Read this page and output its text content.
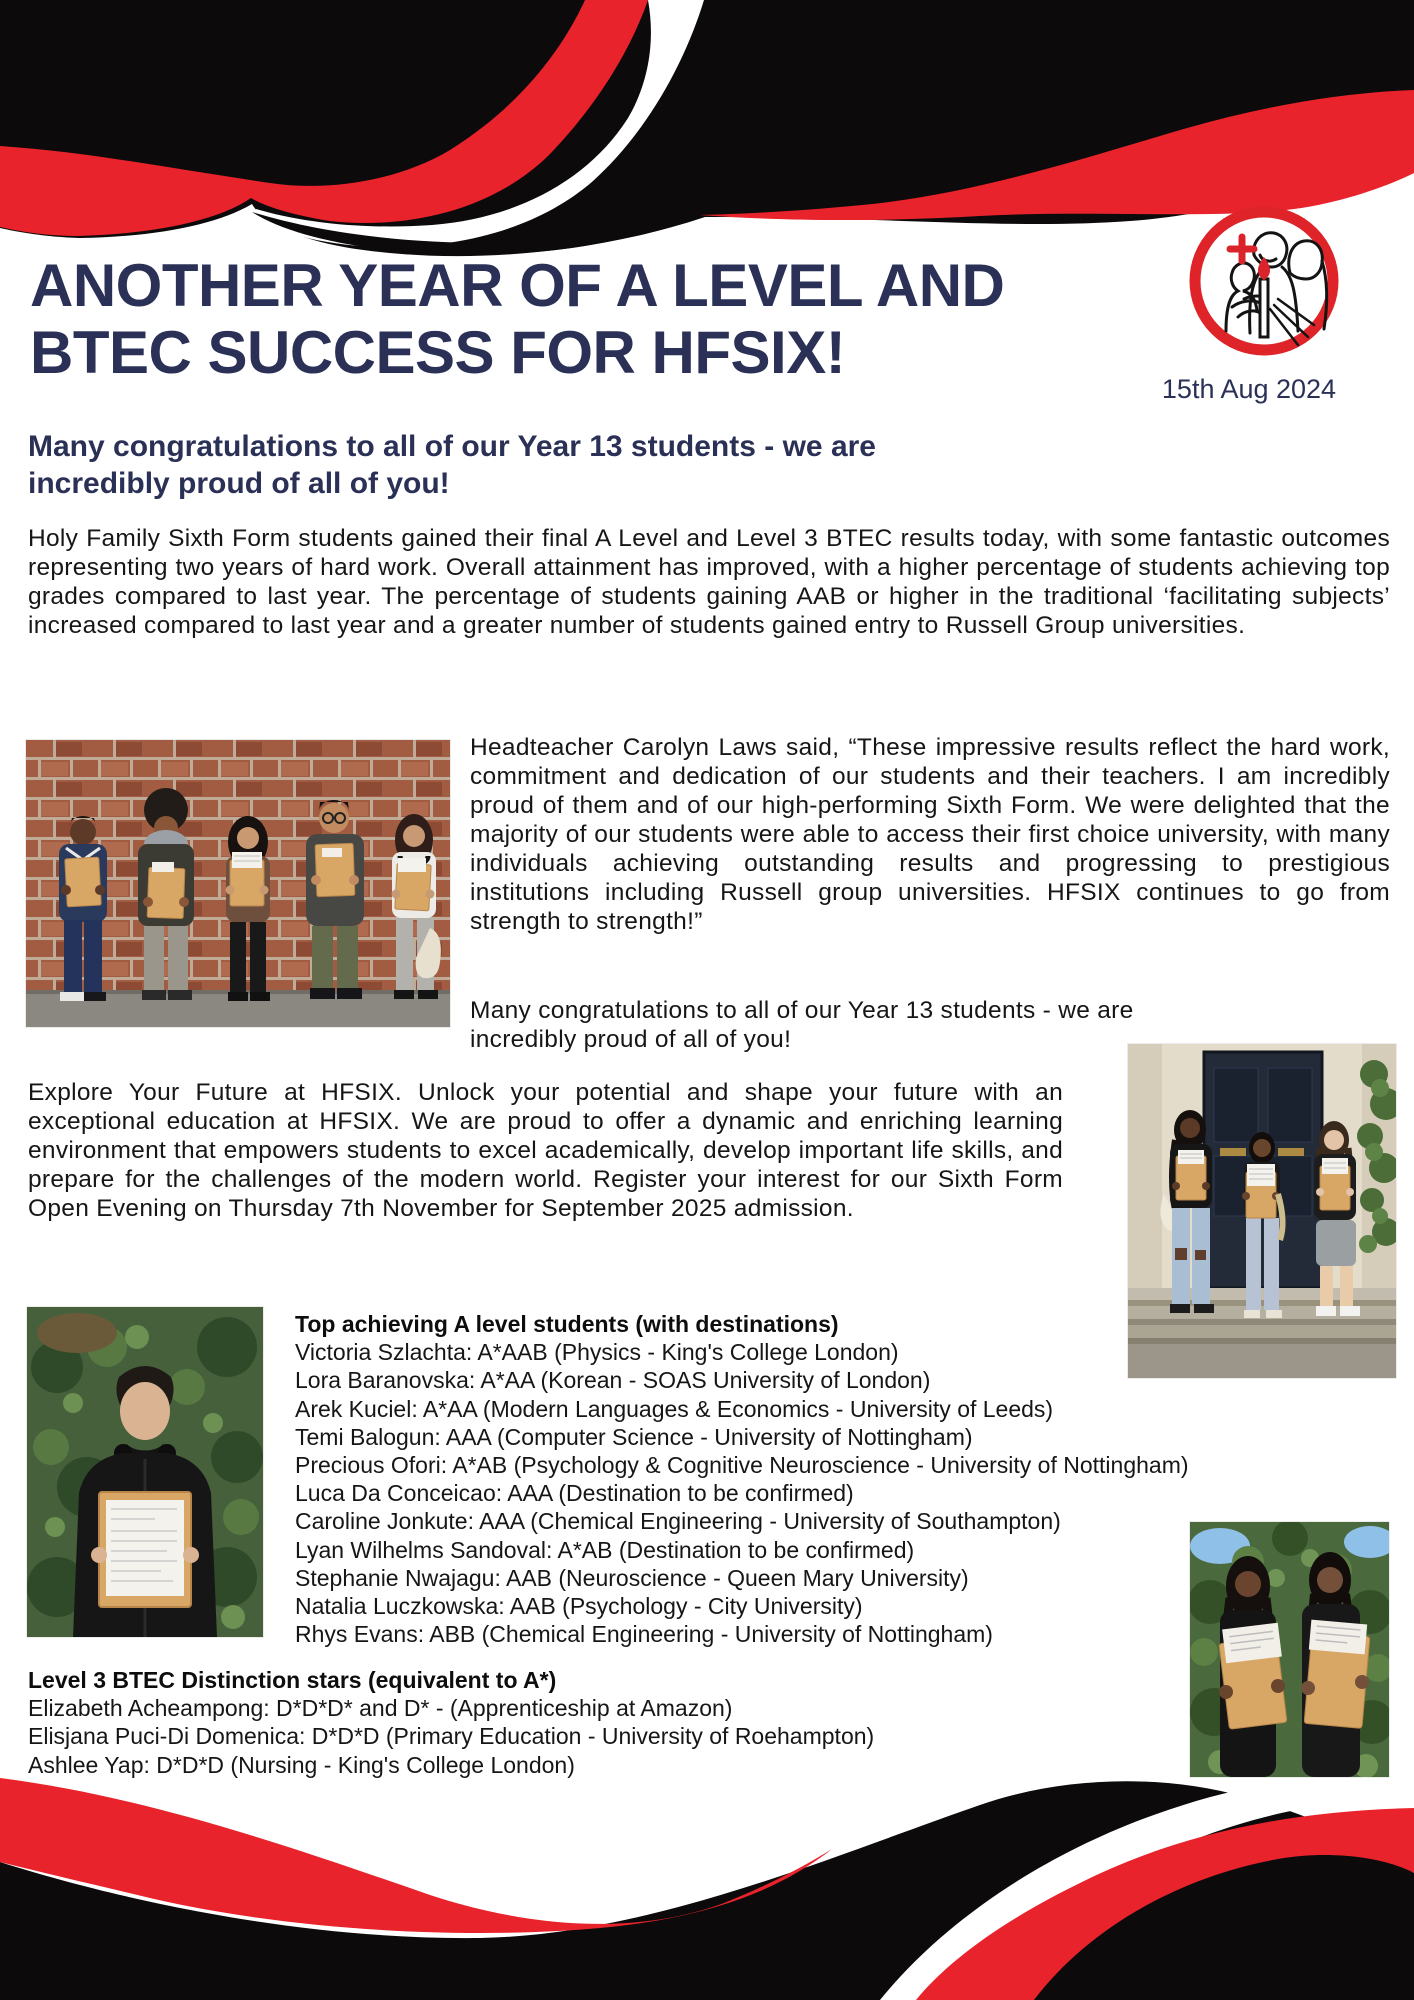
ANOTHER YEAR OF A LEVEL AND
BTEC SUCCESS FOR HFSIX!
15th Aug 2024
Many congratulations to all of our Year 13 students - we are incredibly proud of all of you!
Holy Family Sixth Form students gained their final A Level and Level 3 BTEC results today, with some fantastic outcomes representing two years of hard work. Overall attainment has improved, with a higher percentage of students achieving top grades compared to last year. The percentage of students gaining AAB or higher in the traditional ‘facilitating subjects’ increased compared to last year and a greater number of students gained entry to Russell Group universities.
Headteacher Carolyn Laws said, “These impressive results reflect the hard work, commitment and dedication of our students and their teachers. I am incredibly proud of them and of our high-performing Sixth Form. We were delighted that the majority of our students were able to access their first choice university, with many individuals achieving outstanding results and progressing to prestigious institutions including Russell group universities. HFSIX continues to go from strength to strength!”
Many congratulations to all of our Year 13 students - we are incredibly proud of all of you!
Explore Your Future at HFSIX. Unlock your potential and shape your future with an exceptional education at HFSIX. We are proud to offer a dynamic and enriching learning environment that empowers students to excel academically, develop important life skills, and prepare for the challenges of the modern world. Register your interest for our Sixth Form Open Evening on Thursday 7th November for September 2025 admission.
Top achieving A level students (with destinations)
Victoria Szlachta: A*AAB (Physics - King's College London)
Lora Baranovska: A*AA (Korean - SOAS University of London)
Arek Kuciel: A*AA (Modern Languages & Economics - University of Leeds)
Temi Balogun: AAA (Computer Science - University of Nottingham)
Precious Ofori: A*AB (Psychology & Cognitive Neuroscience - University of Nottingham)
Luca Da Conceicao: AAA (Destination to be confirmed)
Caroline Jonkute: AAA (Chemical Engineering - University of Southampton)
Lyan Wilhelms Sandoval: A*AB (Destination to be confirmed)
Stephanie Nwajagu: AAB (Neuroscience - Queen Mary University)
Natalia Luczkowska: AAB (Psychology - City University)
Rhys Evans: ABB (Chemical Engineering - University of Nottingham)
Level 3 BTEC Distinction stars (equivalent to A*)
Elizabeth Acheampong: D*D*D* and D* - (Apprenticeship at Amazon)
Elisjana Puci-Di Domenica: D*D*D (Primary Education - University of Roehampton)
Ashlee Yap: D*D*D (Nursing - King's College London)
